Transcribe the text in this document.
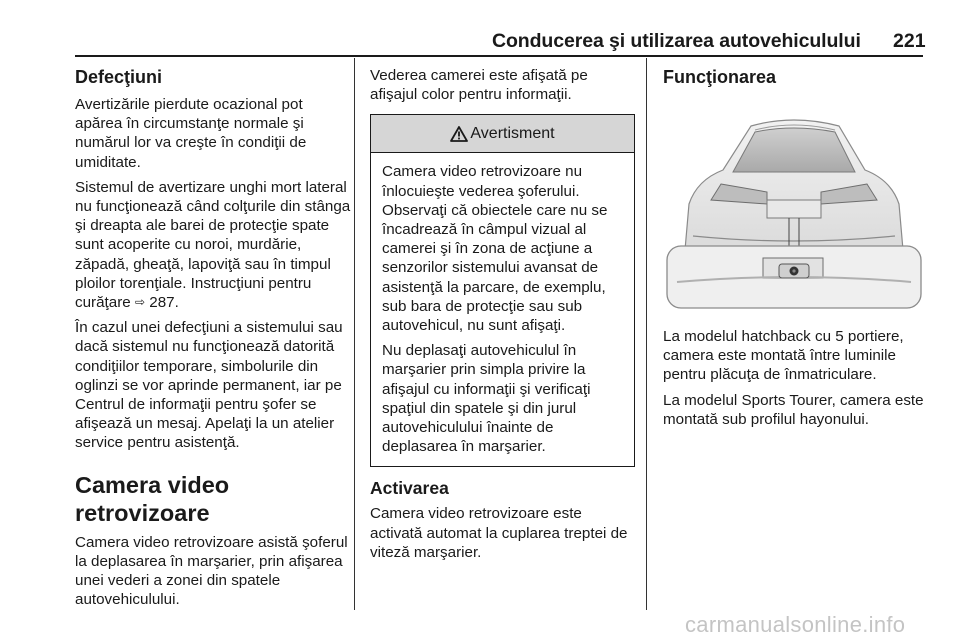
Conducerea şi utilizarea autovehiculului 221
Defecţiuni

Avertizările pierdute ocazional pot apărea în circumstanţe normale şi numărul lor va creşte în condiţii de umiditate.

Sistemul de avertizare unghi mort lateral nu funcţionează când colţurile din stânga şi dreapta ale barei de protecţie spate sunt acoperite cu noroi, murdărie, zăpadă, gheaţă, lapoviţă sau în timpul ploilor torenţiale. Instrucţiuni pentru curăţare ⇨ 287.

În cazul unei defecţiuni a sistemului sau dacă sistemul nu funcţionează datorită condiţiilor temporare, simbolurile din oglinzi se vor aprinde permanent, iar pe Centrul de informaţii pentru şofer se afişează un mesaj. Apelaţi la un atelier service pentru asistenţă.

Camera video retrovizoare

Camera video retrovizoare asistă şoferul la deplasarea în marşarier, prin afişarea unei vederi a zonei din spatele autovehiculului.

Vederea camerei este afişată pe afişajul color pentru informaţii.

Avertisment

Camera video retrovizoare nu înlocuieşte vederea şoferului. Observaţi că obiectele care nu se încadrează în câmpul vizual al camerei şi în zona de acţiune a senzorilor sistemului avansat de asistenţă la parcare, de exemplu, sub bara de protecţie sau sub autovehicul, nu sunt afişaţi.

Nu deplasaţi autovehiculul în marşarier prin simpla privire la afişajul cu informaţii şi verificaţi spaţiul din spatele şi din jurul autovehiculului înainte de deplasarea în marşarier.

Activarea

Camera video retrovizoare este activată automat la cuplarea treptei de viteză marşarier.

Funcţionarea

La modelul hatchback cu 5 portiere, camera este montată între luminile pentru plăcuţa de înmatriculare.

La modelul Sports Tourer, camera este montată sub profilul hayonului.

carmanualsonline.info
